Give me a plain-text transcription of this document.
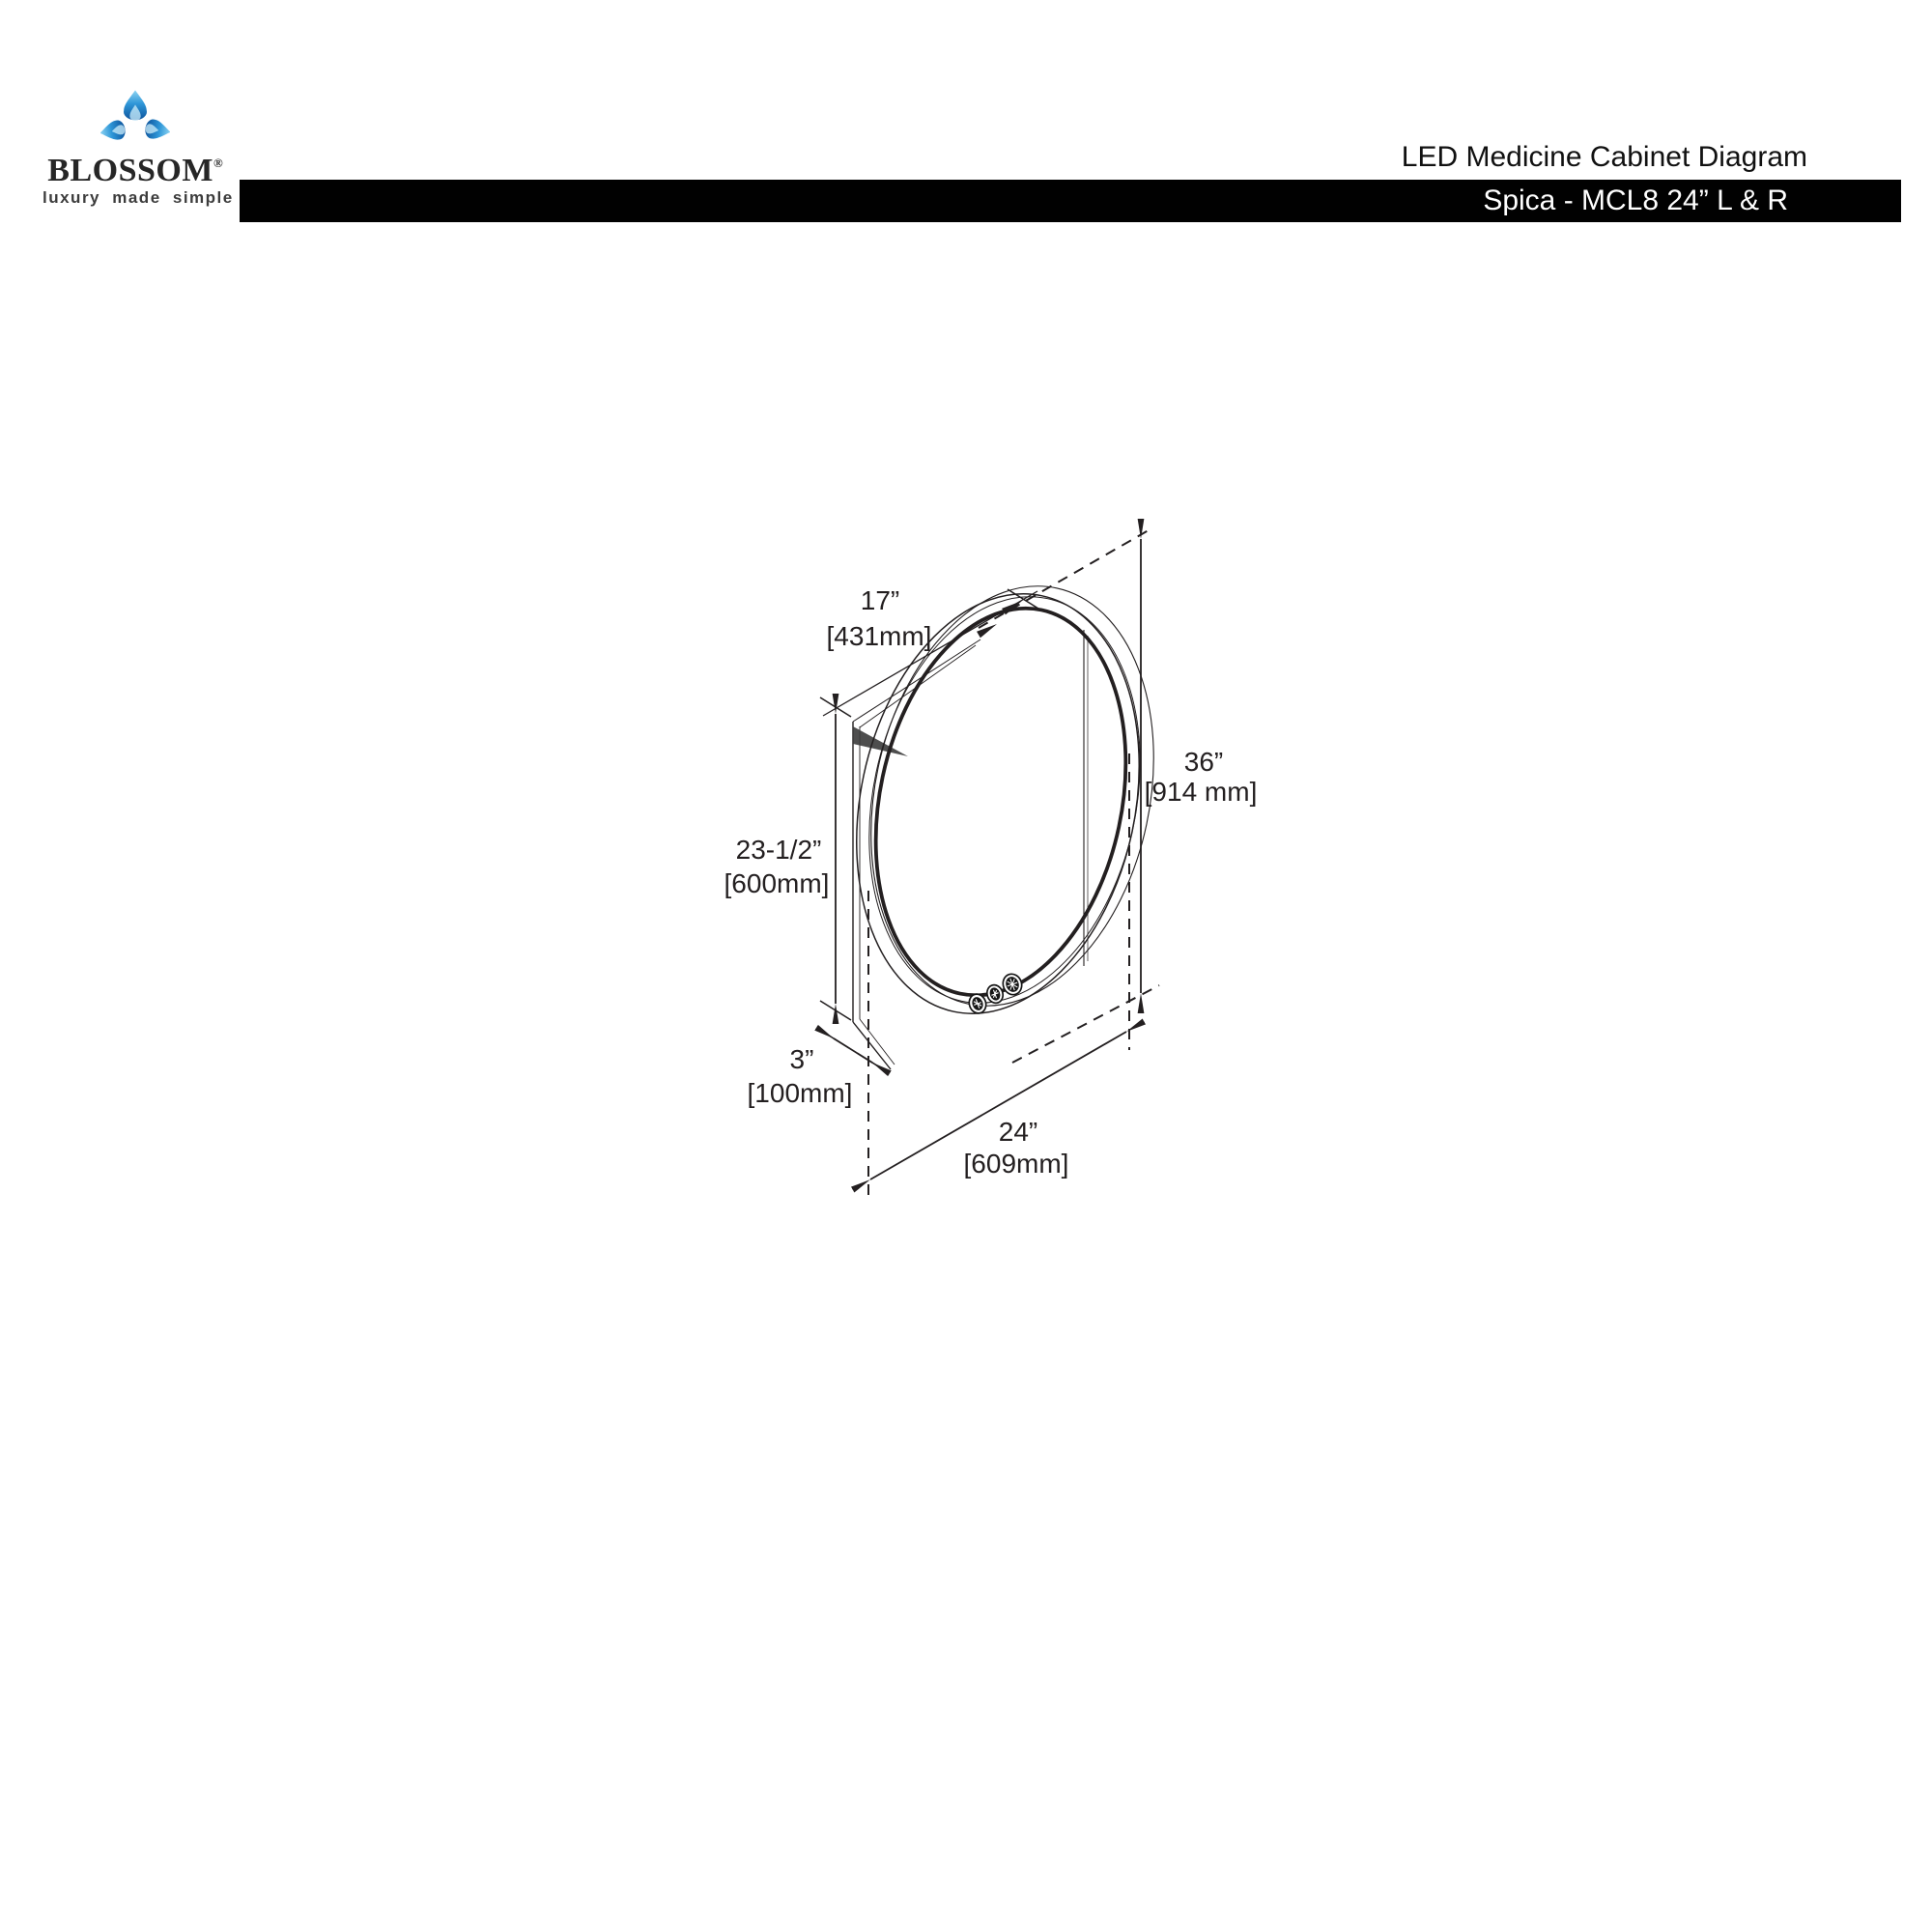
BLOSSOM®
luxury made simple
LED Medicine Cabinet Diagram
Spica - MCL8 24” L & R
17”
[431mm]
36”
[914 mm]
23-1/2”
[600mm]
3”
[100mm]
24”
[609mm]
